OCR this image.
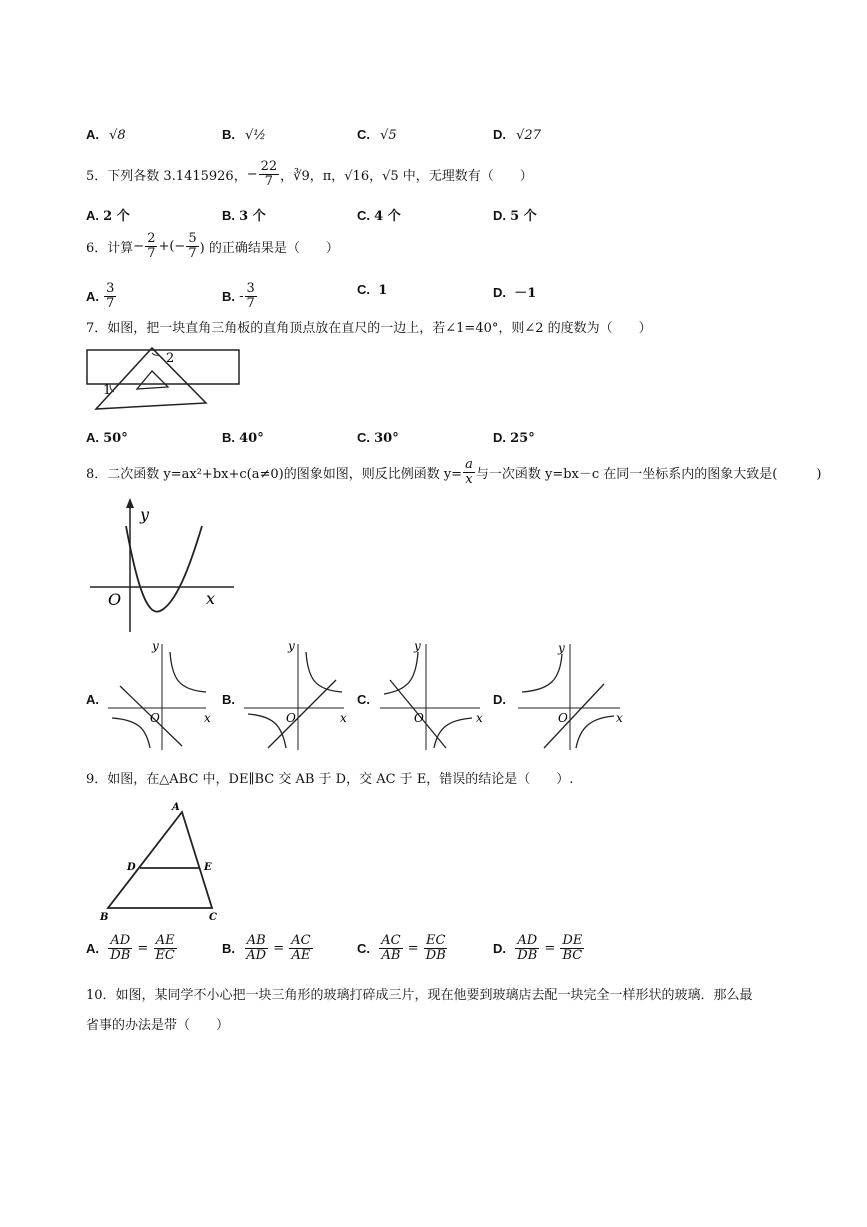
A. √8	B. √½	C. √5	D. √27
5．下列各数 3.1415926， − $\frac{22}{7}$ ，∛9，π，√16，√5 中，无理数有（　　）
A. 2 个	B. 3 个	C. 4 个	D. 5 个
6．计算 − $\frac{2}{7}$ +(− $\frac{5}{7}$ ) 的正确结果是（　　）
A.
$\frac{3}{7}$	B.
- $\frac{3}{7}$	C. 1	D. －1
7．如图，把一块直角三角板的直角顶点放在直尺的一边上，若∠1=40°，则∠2 的度数为（　　）
2
1
A. 50°	B. 40°	C. 30°	D. 25°
8．二次函数 y=ax²+bx+c(a≠0)的图象如图，则反比例函数 $y= \frac{a}{x}$ 与一次函数 y=bx－c 在同一坐标系内的图象大致是(　　　)
y
x
O
A.
y
x
O
B.
y
x
O
C.
y
x
O
D.
y
x
O
9．如图，在△ABC 中，DE∥BC 交 AB 于 D，交 AC 于 E，错误的结论是（　　）.
A
D	E
B	C
A.
$\frac{AD}{DB} = \frac{AE}{EC}$	B.
$\frac{AB}{AD} = \frac{AC}{AE}$	C.
$\frac{AC}{AB} = \frac{EC}{DB}$	D.
$\frac{AD}{DB} = \frac{DE}{BC}$
10．如图，某同学不小心把一块三角形的玻璃打碎成三片，现在他要到玻璃店去配一块完全一样形状的玻璃．那么最
省事的办法是带（　　）
